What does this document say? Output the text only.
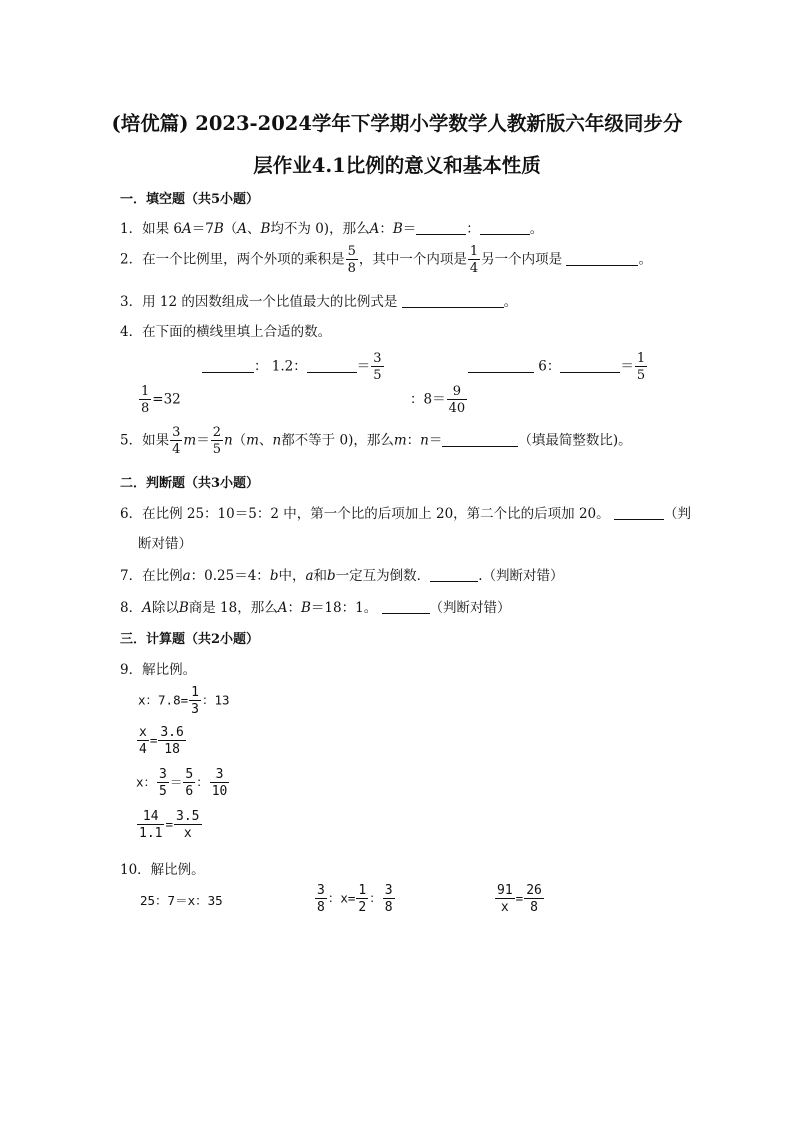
(培优篇) 2023-2024学年下学期小学数学人教新版六年级同步分
层作业4.1比例的意义和基本性质
一．填空题（共5小题）
1．如果 6A＝7B（A、B均不为 0)，那么A：B＝	：	。
2．在一个比例里，两个外项的乘积是 $\frac{5}{8}$ ，其中一个内项是 $\frac{1}{4}$ 另一个内项是	。
3．用 12 的因数组成一个比值最大的比例式是	。
4．在下面的横线里填上合适的数。
： 1.2：	＝ $\frac{3}{5}$	6：	＝ $\frac{1}{5}$
$\frac{1}{8} =32$	：$8= \frac{9}{40}$
5．如果 $\frac{3}{4} m= \frac{2}{5} n(m$、n都不等于 0)，那么m：n＝	（填最简整数比)。
二．判断题（共3小题）
6．在比例 25：10＝5：2 中，第一个比的后项加上 20，第二个比的后项加 20。	（判
断对错）
7．在比例a：0.25＝4：b中，a和b一定互为倒数．	.（判断对错）
8．A除以B商是 18，那么A：B＝18：1。	（判断对错）
三．计算题（共2小题）
9．解比例。
x：$7.8= \frac{1}{3}$ ：13
$\frac{x}{4} = \frac{3.6}{18}$
x： $\frac{3}{5} = \frac{5}{6}$ ： $\frac{3}{10}$
$\frac{14}{1.1} = \frac{3.5}{x}$
10．解比例。
25：7＝x：35	$\frac{3}{8}$ ：$x= \frac{1}{2}$ ： $\frac{3}{8}$	$\frac{91}{x} = \frac{26}{8}$
